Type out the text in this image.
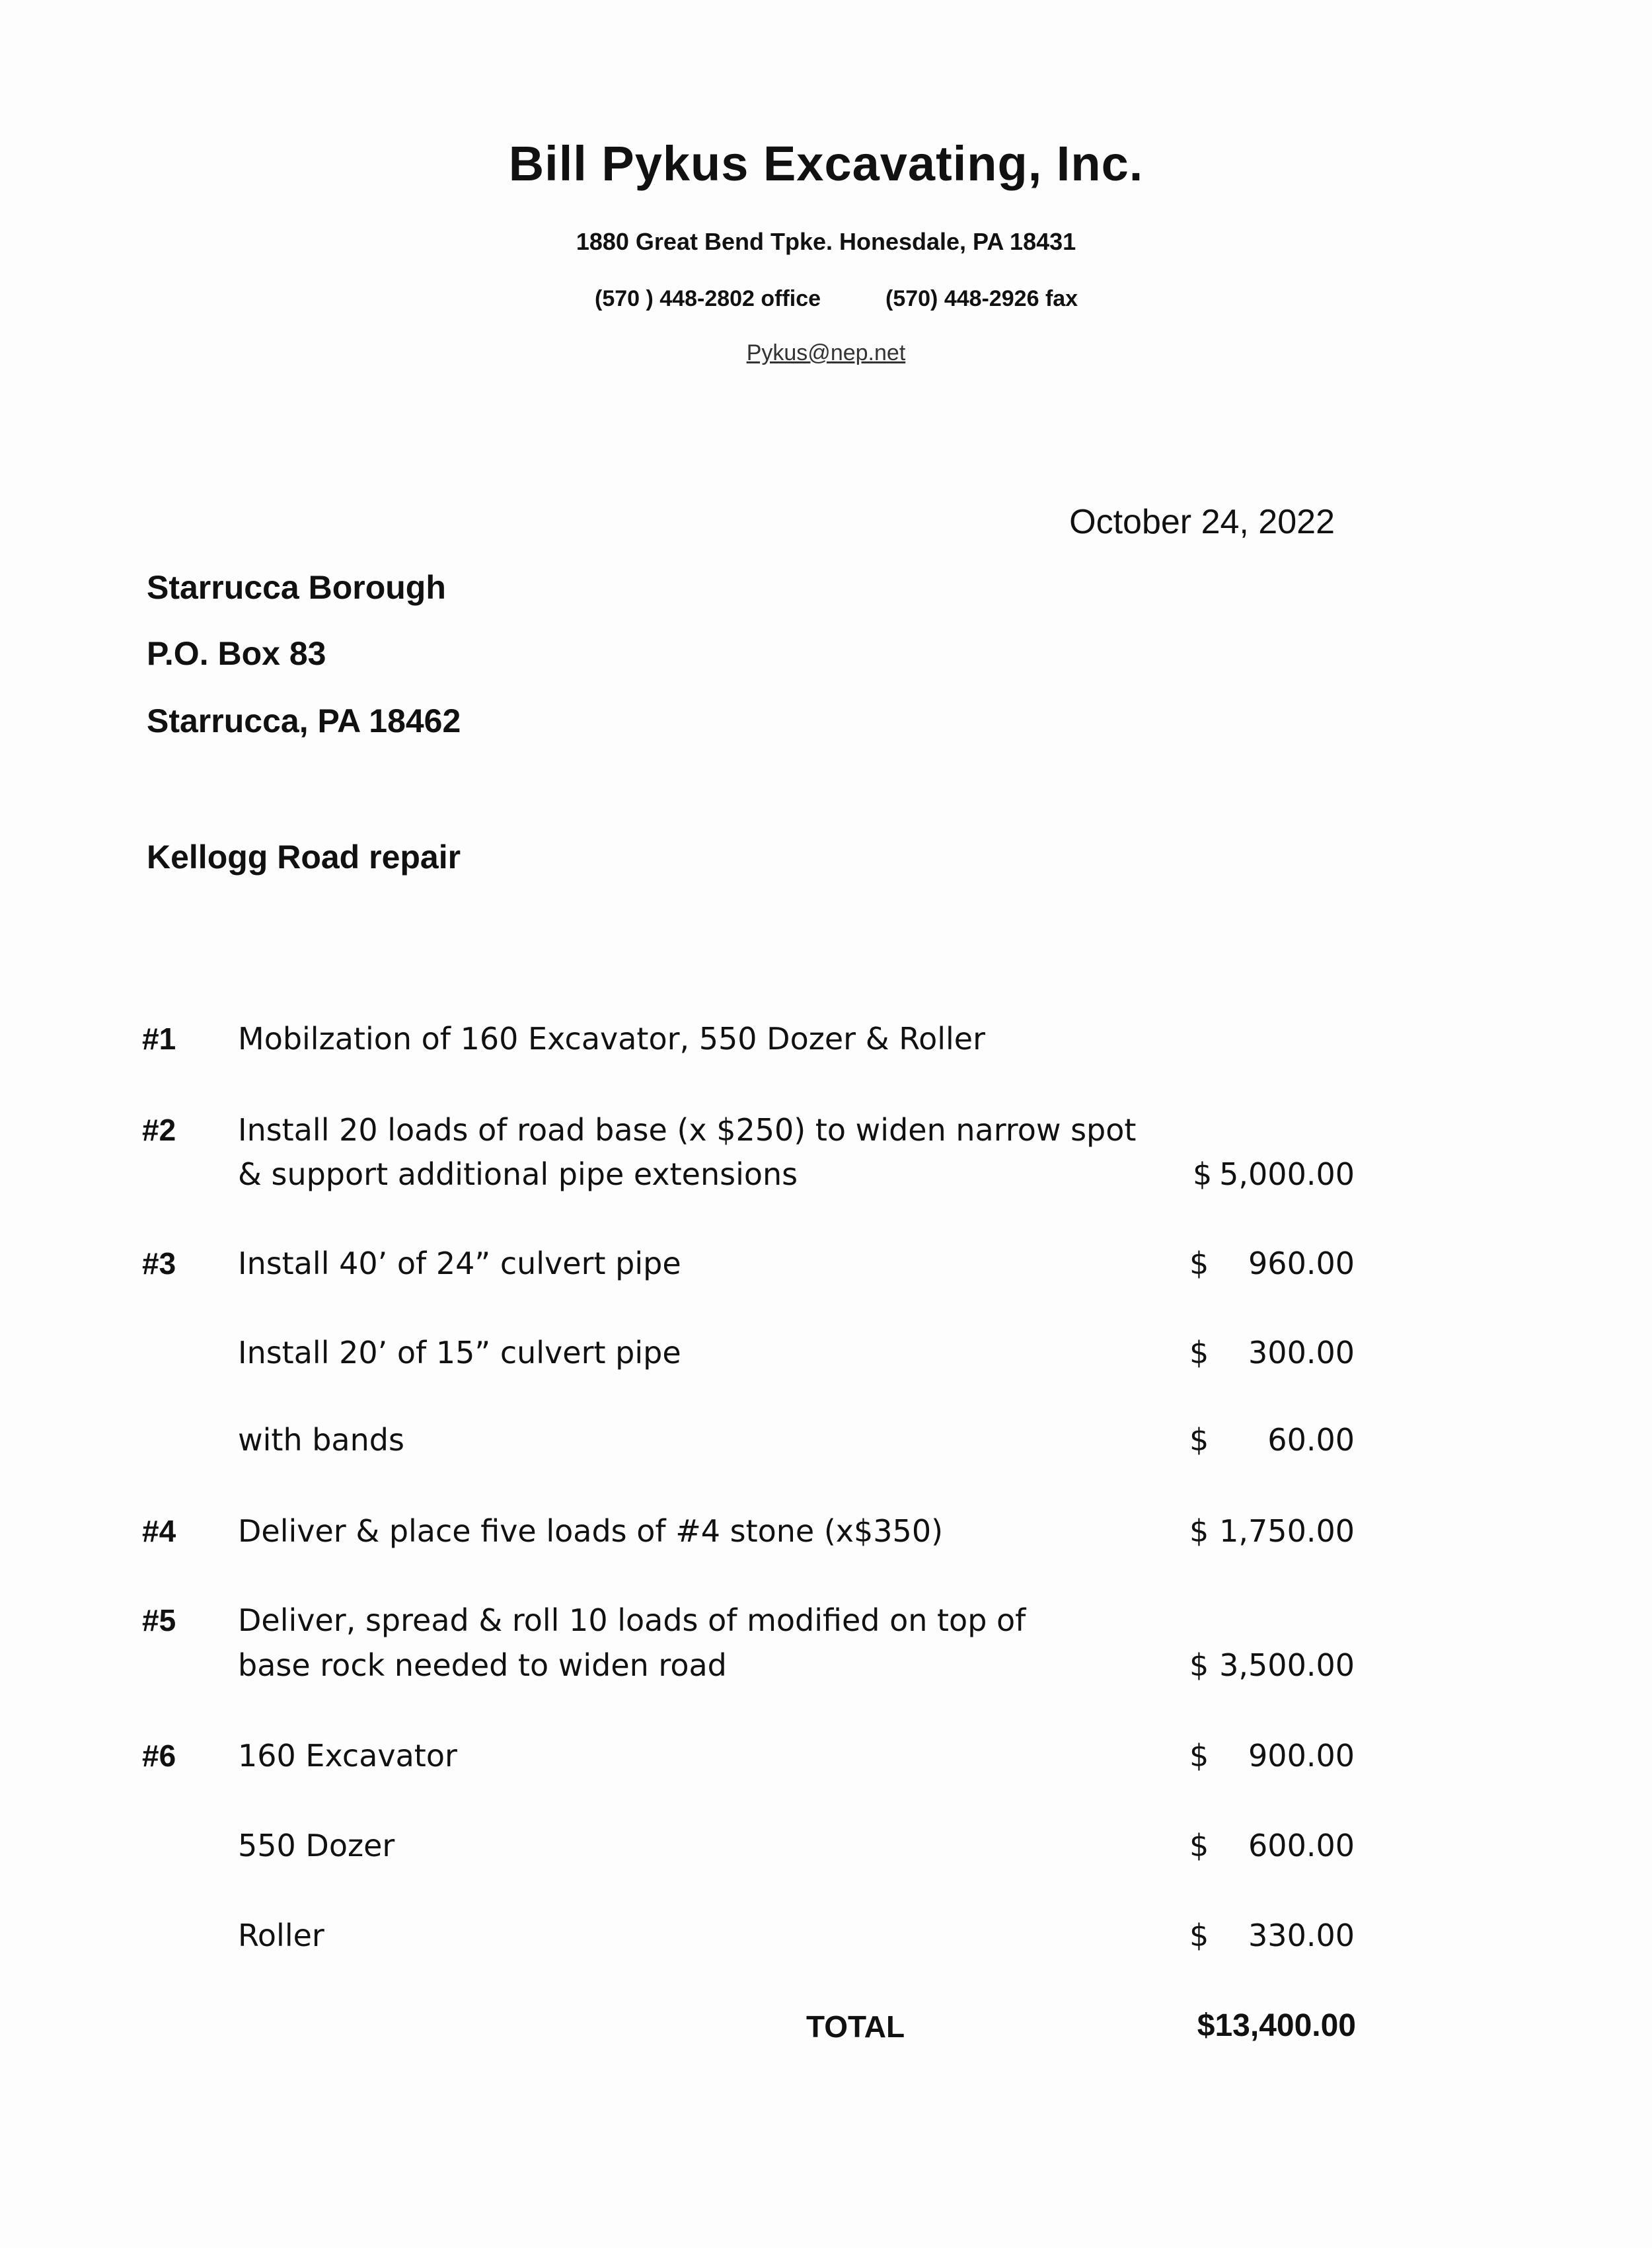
Bill Pykus Excavating, Inc.
1880 Great Bend Tpke. Honesdale, PA 18431
(570 ) 448-2802 office	(570) 448-2926 fax
Pykus@nep.net
October 24, 2022
Starrucca Borough
P.O. Box 83
Starrucca, PA 18462
Kellogg Road repair
#1 Mobilzation of 160 Excavator, 550 Dozer & Roller
#2 Install 20 loads of road base (x $250) to widen narrow spot
& support additional pipe extensions	$ 5,000.00
#3 Install 40’ of 24” culvert pipe	$ 960.00
Install 20’ of 15” culvert pipe	$ 300.00
with bands	$ 60.00
#4 Deliver & place five loads of #4 stone (x$350)	$ 1,750.00
#5 Deliver, spread & roll 10 loads of modified on top of
base rock needed to widen road	$ 3,500.00
#6 160 Excavator	$ 900.00
550 Dozer	$ 600.00
Roller	$ 330.00
TOTAL	$13,400.00
